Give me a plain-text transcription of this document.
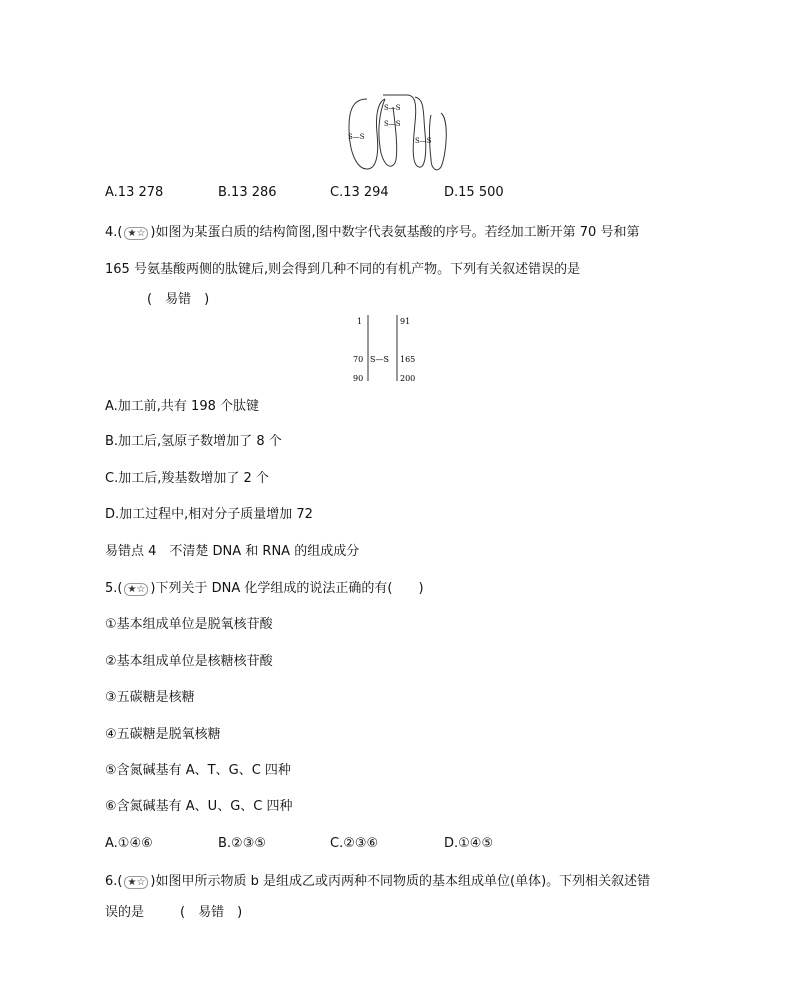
S—S
S—S
S—S	S—S
A.13 278	B.13 286	C.13 294	D.15 500
4.( ★☆ )如图为某蛋白质的结构简图,图中数字代表氨基酸的序号。若经加工断开第 70 号和第
165 号氨基酸两侧的肽键后,则会得到几种不同的有机产物。下列有关叙述错误的是
(　易错　)
1
70
90
91
165
200
S—S
A.加工前,共有 198 个肽键
B.加工后,氢原子数增加了 8 个
C.加工后,羧基数增加了 2 个
D.加工过程中,相对分子质量增加 72
易错点 4　不清楚 DNA 和 RNA 的组成成分
5.( ★☆ )下列关于 DNA 化学组成的说法正确的有(　　)
①基本组成单位是脱氧核苷酸
②基本组成单位是核糖核苷酸
③五碳糖是核糖
④五碳糖是脱氧核糖
⑤含氮碱基有 A、T、G、C 四种
⑥含氮碱基有 A、U、G、C 四种
A.①④⑥	B.②③⑤	C.②③⑥	D.①④⑤
6.( ★☆ )如图甲所示物质 b 是组成乙或丙两种不同物质的基本组成单位(单体)。下列相关叙述错
误的是	(　易错　)
